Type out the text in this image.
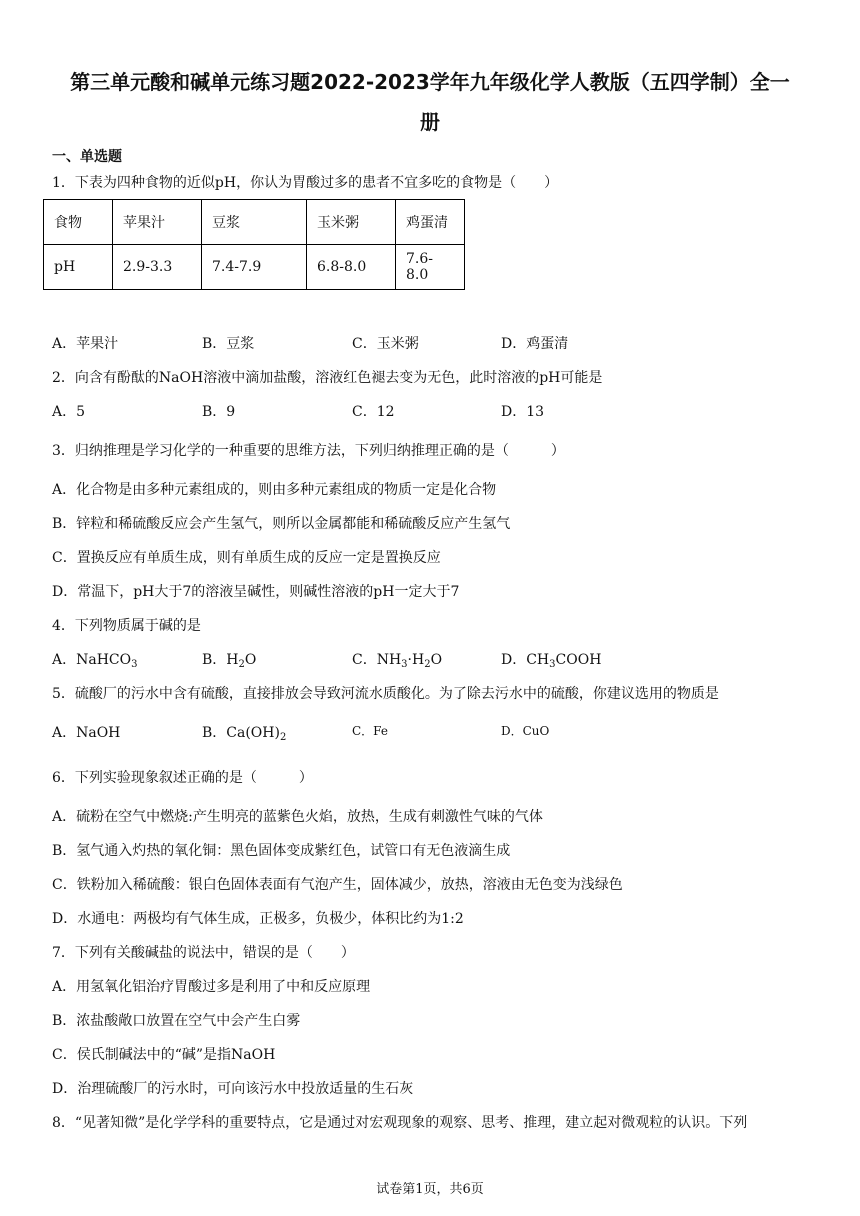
第三单元酸和碱单元练习题2022-2023学年九年级化学人教版（五四学制）全一
册
一、单选题
1．下表为四种食物的近似pH，你认为胃酸过多的患者不宜多吃的食物是（　　）
食物	苹果汁	豆浆	玉米粥	鸡蛋清
pH	2.9-3.3	7.4-7.9	6.8-8.0	7.6-8.0
A．苹果汁	B．豆浆	C．玉米粥	D．鸡蛋清
2．向含有酚酞的NaOH溶液中滴加盐酸，溶液红色褪去变为无色，此时溶液的pH可能是
A．5	B．9	C．12	D．13
3．归纳推理是学习化学的一种重要的思维方法，下列归纳推理正确的是（　　　）
A．化合物是由多种元素组成的，则由多种元素组成的物质一定是化合物
B．锌粒和稀硫酸反应会产生氢气，则所以金属都能和稀硫酸反应产生氢气
C．置换反应有单质生成，则有单质生成的反应一定是置换反应
D．常温下，pH大于7的溶液呈碱性，则碱性溶液的pH一定大于7
4．下列物质属于碱的是
A．NaHCO$_3$	B．$H_2O$	C．$NH_3\cdot H_2O$	D．$CH_3COOH$
5．硫酸厂的污水中含有硫酸，直接排放会导致河流水质酸化。为了除去污水中的硫酸，你建议选用的物质是
A．NaOH	B．$Ca(OH)_2$	C．Fe	D．CuO
6．下列实验现象叙述正确的是（　　　）
A．硫粉在空气中燃烧:产生明亮的蓝紫色火焰，放热，生成有刺激性气味的气体
B．氢气通入灼热的氧化铜：黑色固体变成紫红色，试管口有无色液滴生成
C．铁粉加入稀硫酸：银白色固体表面有气泡产生，固体减少，放热，溶液由无色变为浅绿色
D．水通电：两极均有气体生成，正极多，负极少，体积比约为1:2
7．下列有关酸碱盐的说法中，错误的是（　　）
A．用氢氧化铝治疗胃酸过多是利用了中和反应原理
B．浓盐酸敞口放置在空气中会产生白雾
C．侯氏制碱法中的“碱”是指NaOH
D．治理硫酸厂的污水时，可向该污水中投放适量的生石灰
8．“见著知微”是化学学科的重要特点，它是通过对宏观现象的观察、思考、推理，建立起对微观粒的认识。下列
试卷第1页，共6页
